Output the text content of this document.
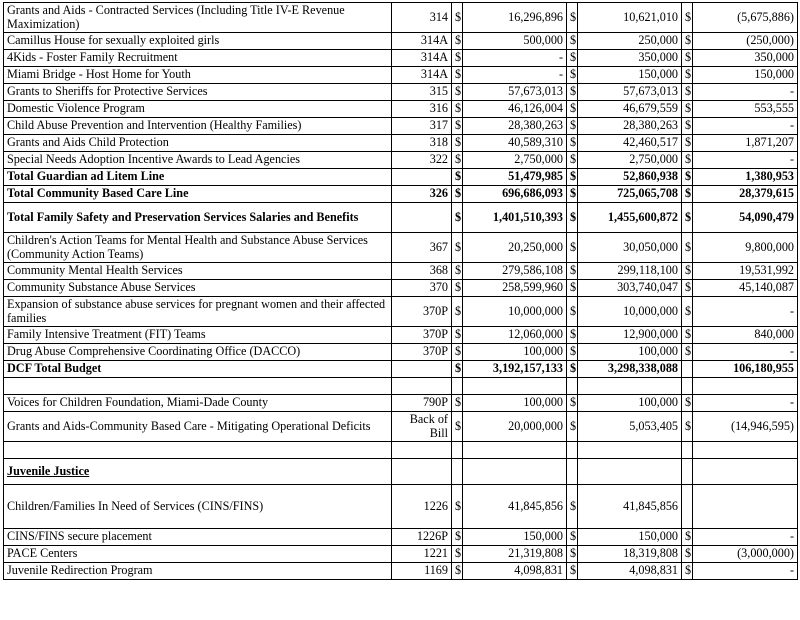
Grants and Aids - Contracted Services (Including Title IV-E Revenue Maximization)	314	$	16,296,896	$	10,621,010	$	(5,675,886)
Camillus House for sexually exploited girls	314A	$	500,000	$	250,000	$	(250,000)
4Kids - Foster Family Recruitment	314A	$	-	$	350,000	$	350,000
Miami Bridge - Host Home for Youth	314A	$	-	$	150,000	$	150,000
Grants to Sheriffs for Protective Services	315	$	57,673,013	$	57,673,013	$	-
Domestic Violence Program	316	$	46,126,004	$	46,679,559	$	553,555
Child Abuse Prevention and Intervention (Healthy Families)	317	$	28,380,263	$	28,380,263	$	-
Grants and Aids Child Protection	318	$	40,589,310	$	42,460,517	$	1,871,207
Special Needs Adoption Incentive Awards to Lead Agencies	322	$	2,750,000	$	2,750,000	$	-
Total Guardian ad Litem Line		$	51,479,985	$	52,860,938	$	1,380,953
Total Community Based Care Line	326	$	696,686,093	$	725,065,708	$	28,379,615
Total Family Safety and Preservation Services Salaries and Benefits		$	1,401,510,393	$	1,455,600,872	$	54,090,479
Children's Action Teams for Mental Health and Substance Abuse Services (Community Action Teams)	367	$	20,250,000	$	30,050,000	$	9,800,000
Community Mental Health Services	368	$	279,586,108	$	299,118,100	$	19,531,992
Community Substance Abuse Services	370	$	258,599,960	$	303,740,047	$	45,140,087
Expansion of substance abuse services for pregnant women and their affected families	370P	$	10,000,000	$	10,000,000	$	-
Family Intensive Treatment (FIT) Teams	370P	$	12,060,000	$	12,900,000	$	840,000
Drug Abuse Comprehensive Coordinating Office (DACCO)	370P	$	100,000	$	100,000	$	-
DCF Total Budget		$	3,192,157,133	$	3,298,338,088		106,180,955

Voices for Children Foundation, Miami-Dade County	790P	$	100,000	$	100,000	$	-
Grants and Aids-Community Based Care - Mitigating Operational Deficits	Back of Bill	$	20,000,000	$	5,053,405	$	(14,946,595)

Juvenile Justice							
Children/Families In Need of Services (CINS/FINS)	1226	$	41,845,856	$	41,845,856		
CINS/FINS secure placement	1226P	$	150,000	$	150,000	$	-
PACE Centers	1221	$	21,319,808	$	18,319,808	$	(3,000,000)
Juvenile Redirection Program	1169	$	4,098,831	$	4,098,831	$	-
